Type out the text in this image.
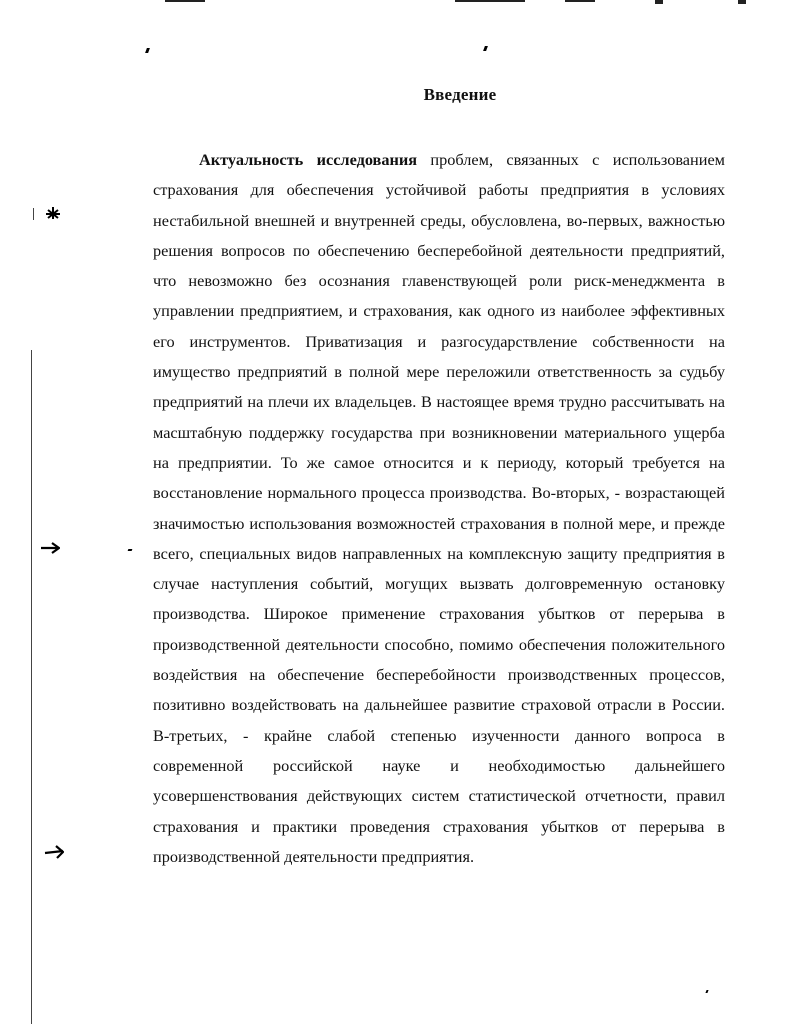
Введение

Актуальность исследования проблем, связанных с использованием страхования для обеспечения устойчивой работы предприятия в условиях нестабильной внешней и внутренней среды, обусловлена, во-первых, важностью решения вопросов по обеспечению бесперебойной деятельности предприятий, что невозможно без осознания главенствующей роли риск-менеджмента в управлении предприятием, и страхования, как одного из наиболее эффективных его инструментов. Приватизация и разгосударствление собственности на имущество предприятий в полной мере переложили ответственность за судьбу предприятий на плечи их владельцев. В настоящее время трудно рассчитывать на масштабную поддержку государства при возникновении материального ущерба на предприятии. То же самое относится и к периоду, который требуется на восстановление нормального процесса производства. Во-вторых, - возрастающей значимостью использования возможностей страхования в полной мере, и прежде всего, специальных видов направленных на комплексную защиту предприятия в случае наступления событий, могущих вызвать долговременную остановку производства. Широкое применение страхования убытков от перерыва в производственной деятельности способно, помимо обеспечения положительного воздействия на обеспечение бесперебойности производственных процессов, позитивно воздействовать на дальнейшее развитие страховой отрасли в России. В-третьих, - крайне слабой степенью изученности данного вопроса в современной российской науке и необходимостью дальнейшего усовершенствования действующих систем статистической отчетности, правил страхования и практики проведения страхования убытков от перерыва в производственной деятельности предприятия.
